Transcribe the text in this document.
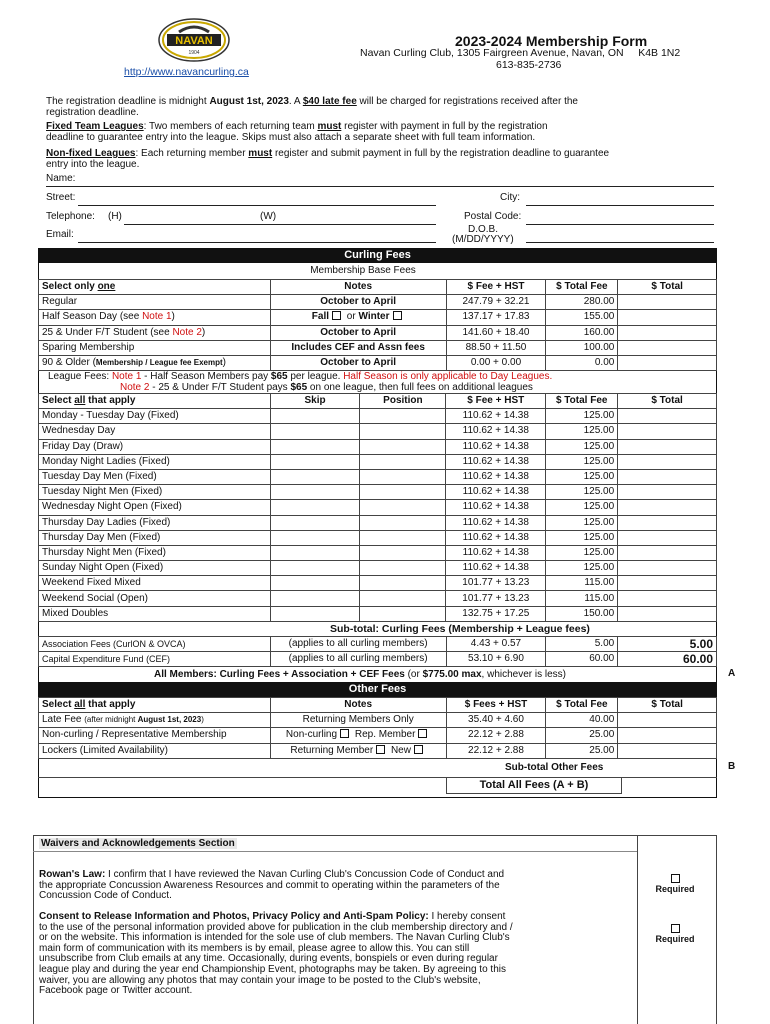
NAVAN
1904
2023-2024 Membership Form
Navan Curling Club, 1305 Fairgreen Avenue, Navan, ON     K4B 1N2
613-835-2736
http://www.navancurling.ca
The registration deadline is midnight August 1st, 2023. A $40 late fee will be charged for registrations received after the
registration deadline.
Fixed Team Leagues: Two members of each returning team must register with payment in full by the registration
deadline to guarantee entry into the league. Skips must also attach a separate sheet with full team information.
Non-fixed Leagues: Each returning member must register and submit payment in full by the registration deadline to guarantee
entry into the league.
Name:
Street:	City:
Telephone: (H)	(W)	Postal Code:
Email:	D.O.B.
(M/DD/YYYY)
Curling Fees
Membership Base Fees
Select only one	Notes	$ Fee + HST	$ Total Fee	$ Total
Regular	October to April	247.79 + 32.21	280.00	
Half Season Day (see Note 1)	Fall or Winter	137.17 + 17.83	155.00	
25 & Under F/T Student (see Note 2)	October to April	141.60 + 18.40	160.00	
Sparing Membership	Includes CEF and Assn fees	88.50 + 11.50	100.00	
90 & Older (Membership / League fee Exempt)	October to April	0.00 + 0.00	0.00	
League Fees: Note 1 - Half Season Members pay $65 per league. Half Season is only applicable to Day Leagues.
Note 2 - 25 & Under F/T Student pays $65 on one league, then full fees on additional leagues
Select all that apply	Skip	Position	$ Fee + HST	$ Total Fee	$ Total
Monday - Tuesday Day (Fixed)			110.62 + 14.38	125.00	
Wednesday Day			110.62 + 14.38	125.00	
Friday Day (Draw)			110.62 + 14.38	125.00	
Monday Night Ladies (Fixed)			110.62 + 14.38	125.00	
Tuesday Day Men (Fixed)			110.62 + 14.38	125.00	
Tuesday Night Men (Fixed)			110.62 + 14.38	125.00	
Wednesday Night Open (Fixed)			110.62 + 14.38	125.00	
Thursday Day Ladies (Fixed)			110.62 + 14.38	125.00	
Thursday Day Men (Fixed)			110.62 + 14.38	125.00	
Thursday Night Men (Fixed)			110.62 + 14.38	125.00	
Sunday Night Open (Fixed)			110.62 + 14.38	125.00	
Weekend Fixed Mixed			101.77 + 13.23	115.00	
Weekend Social (Open)			101.77 + 13.23	115.00	
Mixed Doubles			132.75 + 17.25	150.00	
Sub-total: Curling Fees (Membership + League fees)
Association Fees (CurlON & OVCA)	(applies to all curling members)	4.43 + 0.57	5.00	5.00
Capital Expenditure Fund (CEF)	(applies to all curling members)	53.10 + 6.90	60.00	60.00
All Members: Curling Fees + Association + CEF Fees (or $775.00 max, whichever is less)	A
Other Fees
Select all that apply	Notes	$ Fees + HST	$ Total Fee	$ Total
Late Fee (after midnight August 1st, 2023)	Returning Members Only	35.40 + 4.60	40.00	
Non-curling / Representative Membership	Non-curling Rep. Member	22.12 + 2.88	25.00	
Lockers (Limited Availability)	Returning Member New	22.12 + 2.88	25.00	
Sub-total Other Fees	B
Total All Fees (A + B)
Waivers and Acknowledgements Section
Rowan's Law: I confirm that I have reviewed the Navan Curling Club's Concussion Code of Conduct and
the appropriate Concussion Awareness Resources and commit to operating within the parameters of the
Concussion Code of Conduct.

Required
Consent to Release Information and Photos, Privacy Policy and Anti-Spam Policy: I hereby consent
to the use of the personal information provided above for publication in the club membership directory and /
or on the website. This information is intended for the sole use of club members. The Navan Curling Club's
main form of communication with its members is by email, please agree to allow this. You can still
unsubscribe from Club emails at any time. Occasionally, during events, bonspiels or even during regular
league play and during the year end Championship Event, photographs may be taken. By agreeing to this
waiver, you are allowing any photos that may contain your image to be posted to the Club's website,
Facebook page or Twitter account.

Required
